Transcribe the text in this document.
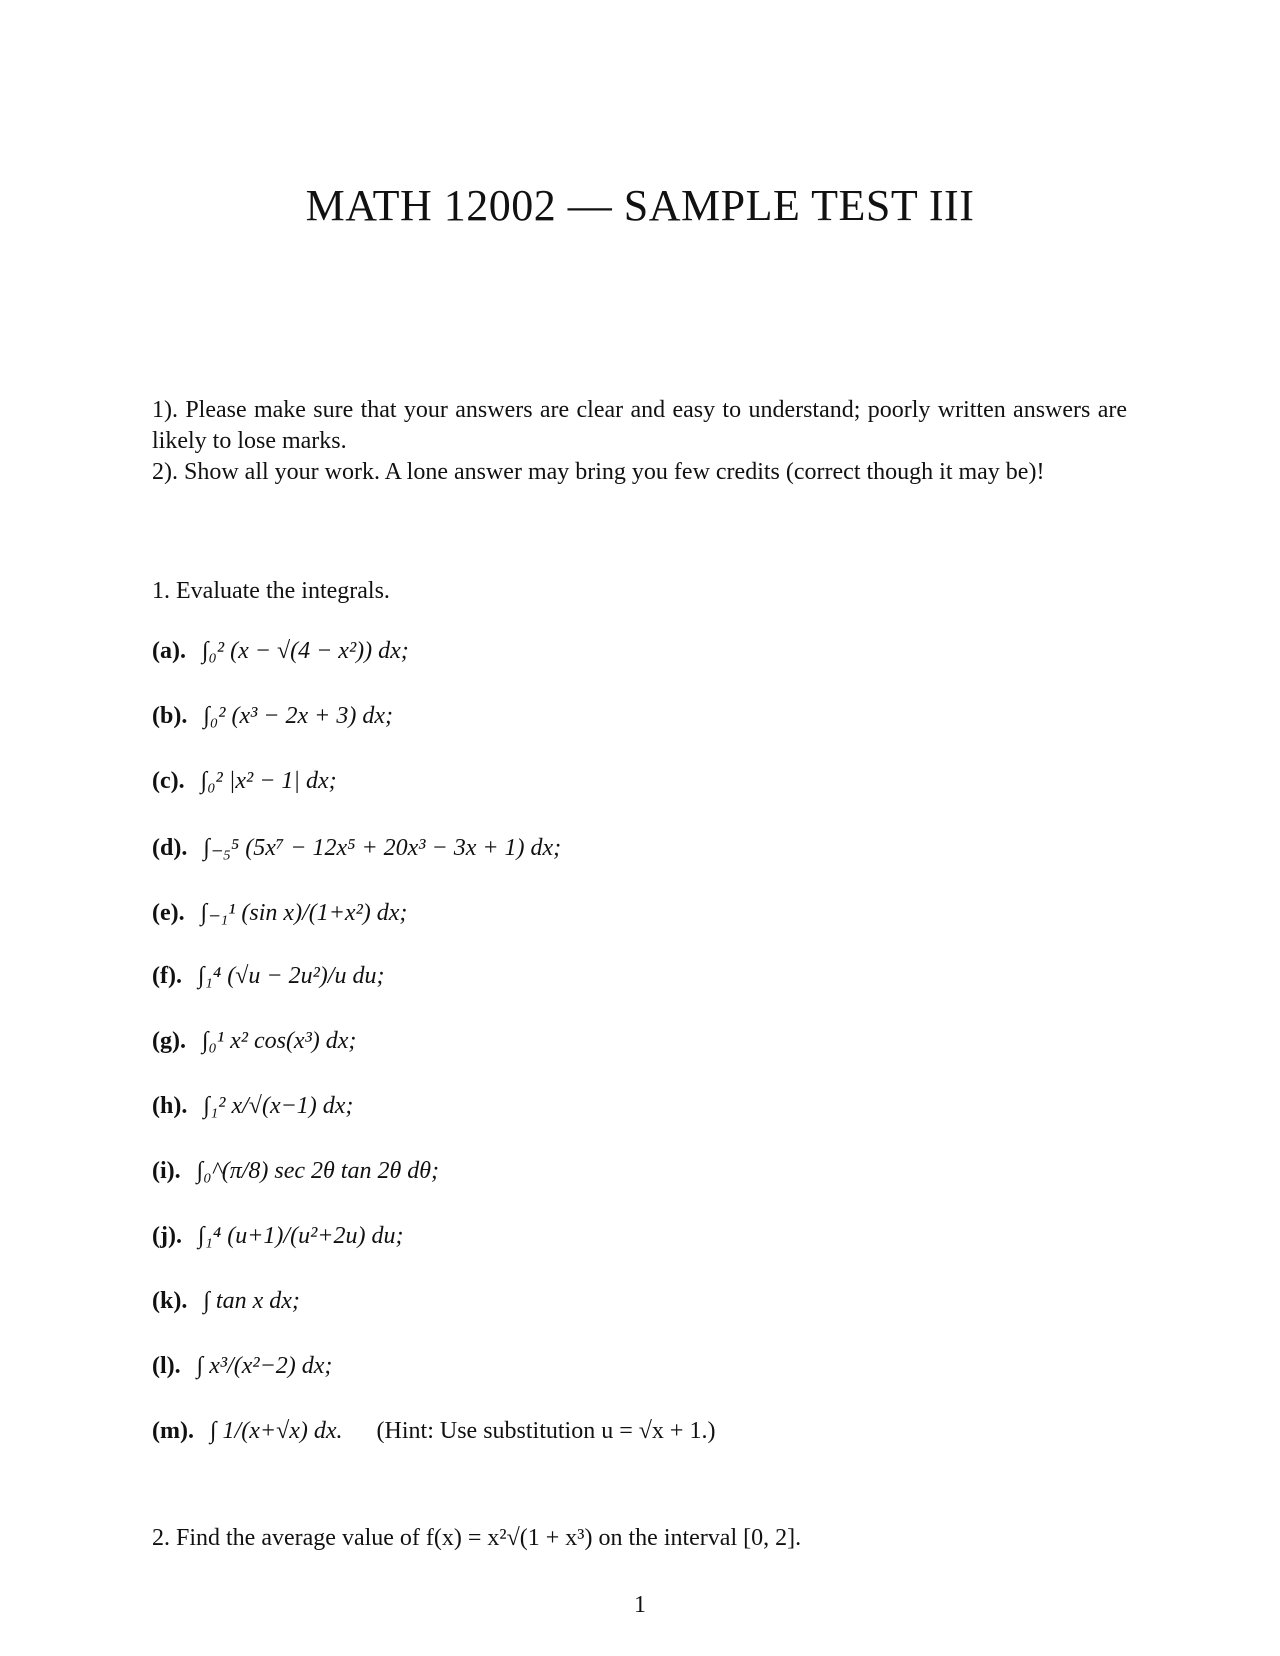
MATH 12002 — SAMPLE TEST III

1). Please make sure that your answers are clear and easy to understand; poorly written answers are likely to lose marks.

2). Show all your work. A lone answer may bring you few credits (correct though it may be)!

1. Evaluate the integrals.
(a). ∫₀² (x − √(4 − x²)) dx;
(b). ∫₀² (x³ − 2x + 3) dx;
(c). ∫₀² |x² − 1| dx;
(d). ∫₋₅⁵ (5x⁷ − 12x⁵ + 20x³ − 3x + 1) dx;
(e). ∫₋₁¹ (sin x)/(1+x²) dx;
(f). ∫₁⁴ (√u − 2u²)/u du;
(g). ∫₀¹ x² cos(x³) dx;
(h). ∫₁² x/√(x−1) dx;
(i). ∫₀^(π/8) sec 2θ tan 2θ dθ;
(j). ∫₁⁴ (u+1)/(u²+2u) du;
(k). ∫ tan x dx;
(l). ∫ x³/(x²−2) dx;
(m). ∫ 1/(x+√x) dx. (Hint: Use substitution u = √x + 1.)
2. Find the average value of f(x) = x²√(1 + x³) on the interval [0, 2].
1
